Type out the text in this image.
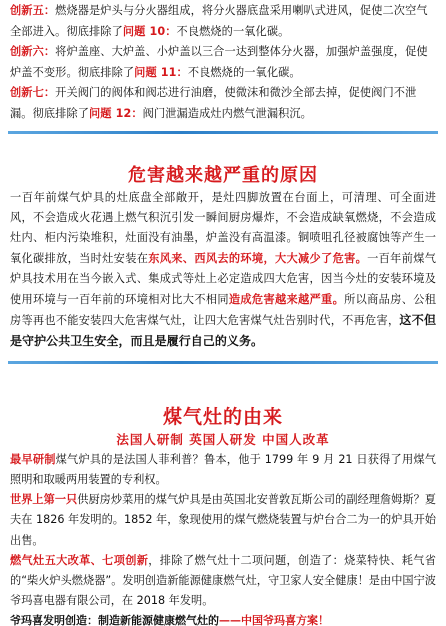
创新五：燃烧器是炉头与分火器组成，将分火器底盘采用喇叭式进风，促使二次空气全部进入。彻底排除了问题 10：不良燃烧的一氧化碳。

创新六：将炉盖座、大炉盖、小炉盖以三合一达到整体分火器，加强炉盖强度，促使炉盖不变形。彻底排除了问题 11：不良燃烧的一氧化碳。

创新七：开关阀门的阀体和阀芯进行油磨，使微沫和微沙全部去掉，促使阀门不泄漏。彻底排除了问题 12：阀门泄漏造成灶内燃气泄漏积沉。

危害越来越严重的原因

一百年前煤气炉具的灶底盘全部敞开，是灶四脚放置在台面上，可清理、可全面进风，不会造成火花遇上燃气积沉引发一瞬间厨房爆炸，不会造成缺氧燃烧，不会造成灶内、柜内污染堆积，灶面没有油墨，炉盖没有高温漆。铜喷咀孔径被腐蚀等产生一氧化碳排放，当时灶安装在东风来、西风去的环境，大大减少了危害。一百年前煤气炉具技术用在当今嵌入式、集成式等灶上必定造成四大危害，因当今灶的安装环境及使用环境与一百年前的环境相对比大不相同造成危害越来越严重。所以商品房、公租房等再也不能安装四大危害煤气灶，让四大危害煤气灶告别时代，不再危害，这不但是守护公共卫生安全，而且是履行自己的义务。

煤气灶的由来
法国人研制 英国人研发 中国人改革

最早研制煤气炉具的是法国人菲利普？鲁本，他于 1799 年 9 月 21 日获得了用煤气照明和取暖两用装置的专利权。

世界上第一只供厨房炒菜用的煤气炉具是由英国北安普敦瓦斯公司的副经理詹姆斯？夏夫在 1826 年发明的。1852 年，象现使用的煤气燃烧装置与炉台合二为一的炉具开始出售。

燃气灶五大改革、七项创新，排除了燃气灶十二项问题，创造了：烧菜特快、耗气省的“柴火炉头燃烧器”。发明创造新能源健康燃气灶，守卫家人安全健康！是由中国宁波爷玛喜电器有限公司，在 2018 年发明。

爷玛喜发明创造：制造新能源健康燃气灶的——中国爷玛喜方案！
